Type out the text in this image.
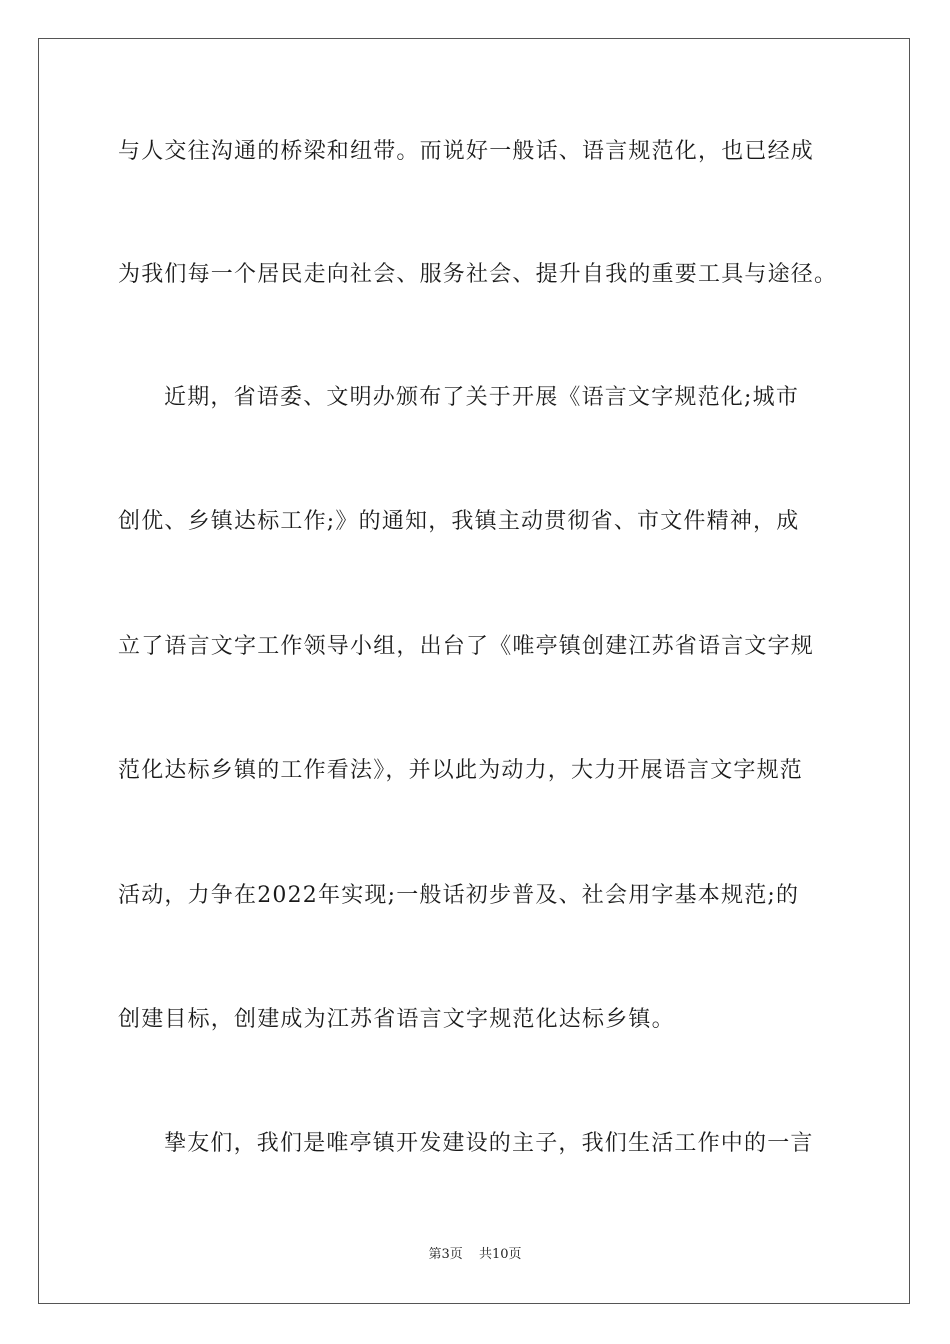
与人交往沟通的桥梁和纽带。而说好一般话、语言规范化，也已经成
为我们每一个居民走向社会、服务社会、提升自我的重要工具与途径。
近期，省语委、文明办颁布了关于开展《语言文字规范化;城市
创优、乡镇达标工作;》的通知，我镇主动贯彻省、市文件精神，成
立了语言文字工作领导小组，出台了《唯亭镇创建江苏省语言文字规
范化达标乡镇的工作看法》，并以此为动力，大力开展语言文字规范
活动，力争在2022年实现;一般话初步普及、社会用字基本规范;的
创建目标，创建成为江苏省语言文字规范化达标乡镇。
挚友们，我们是唯亭镇开发建设的主子，我们生活工作中的一言
第3页 共10页
